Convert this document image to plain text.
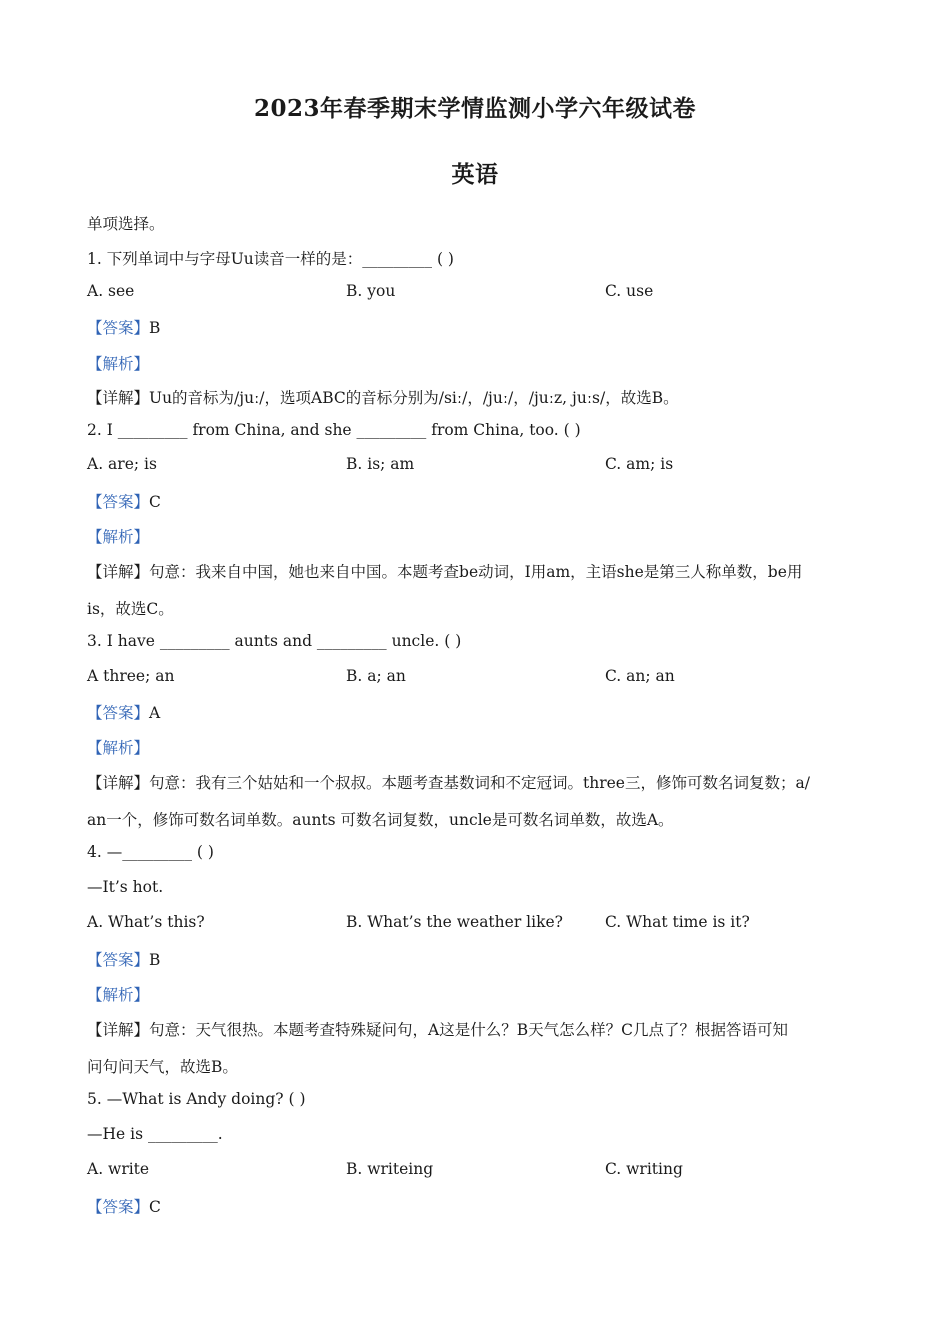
2023年春季期末学情监测小学六年级试卷
英语
单项选择。
1. 下列单词中与字母Uu读音一样的是：_________ ( )
A. see	B. you	C. use
【答案】B
【解析】
【详解】Uu的音标为/juː/，选项ABC的音标分别为/siː/，/juː/，/juːz, juːs/，故选B。
2. I _________ from China, and she _________ from China, too. ( )
A. are; is	B. is; am	C. am; is
【答案】C
【解析】
【详解】句意：我来自中国，她也来自中国。本题考查be动词，I用am，主语she是第三人称单数，be用
is，故选C。
3. I have _________ aunts and _________ uncle. ( )
A three; an	B. a; an	C. an; an
【答案】A
【解析】
【详解】句意：我有三个姑姑和一个叔叔。本题考查基数词和不定冠词。three三，修饰可数名词复数；a/
an一个，修饰可数名词单数。aunts 可数名词复数，uncle是可数名词单数，故选A。
4. —_________ ( )
—It’s hot.
A. What’s this?	B. What’s the weather like?	C. What time is it?
【答案】B
【解析】
【详解】句意：天气很热。本题考查特殊疑问句，A这是什么？B天气怎么样？C几点了？根据答语可知
问句问天气，故选B。
5. —What is Andy doing? ( )
—He is _________.
A. write	B. writeing	C. writing
【答案】C
